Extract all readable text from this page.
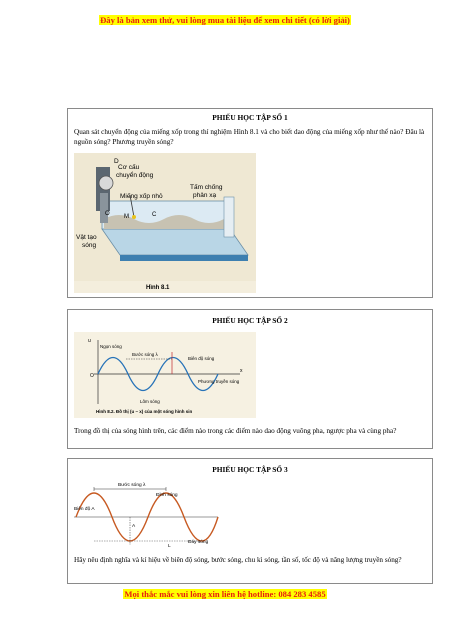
Đây là bản xem thử, vui lòng mua tài liệu để xem chi tiết (có lời giải)
PHIẾU HỌC TẬP SỐ 1
Quan sát chuyển động của miếng xốp trong thí nghiệm Hình 8.1 và cho biết dao động của miếng xốp như thế nào? Đâu là nguồn sóng? Phương truyền sóng?
D
Cơ cấu
chuyển động
Miếng xốp nhỏ
Tấm chống
phản xạ
O M	C
Vật tạo
sóng
Hình 8.1
PHIẾU HỌC TẬP SỐ 2
u
Ngọn sóng
Bước sóng λ
Biên độ sóng
x
O
Phương truyền sóng
Lõm sóng
Hình 8.2. Đồ thị (u – x) của một sóng hình sin
Trong đồ thị của sóng hình trên, các điểm nào trong các điểm nào dao động vuông pha, ngược pha và cùng pha?
PHIẾU HỌC TẬP SỐ 3
Bước sóng λ
Đỉnh sóng
Biên độ A
A
L
Đáy sóng
Hãy nêu định nghĩa và kí hiệu về biên độ sóng, bước sóng, chu kì sóng, tần số, tốc độ và năng lượng truyền sóng?
Mọi thắc mắc vui lòng xin liên hệ hotline: 084 283 4585
